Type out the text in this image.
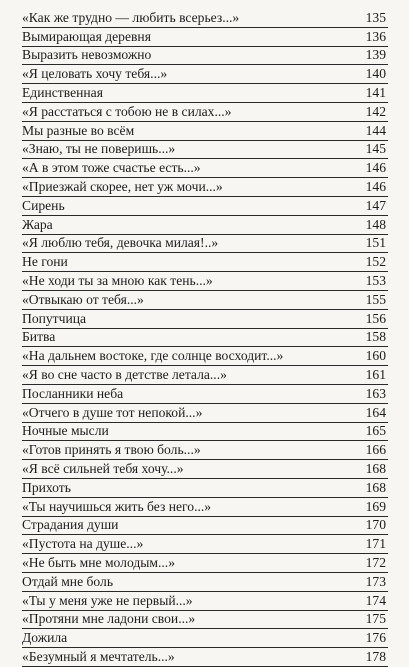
«Как же трудно — любить всерьез...»	135
Вымирающая деревня	136
Выразить невозможно	139
«Я целовать хочу тебя...»	140
Единственная	141
«Я расстаться с тобою не в силах...»	142
Мы разные во всём	144
«Знаю, ты не поверишь...»	145
«А в этом тоже счастье есть...»	146
«Приезжай скорее, нет уж мочи...»	146
Сирень	147
Жара	148
«Я люблю тебя, девочка милая!..»	151
Не гони	152
«Не ходи ты за мною как тень...»	153
«Отвыкаю от тебя...»	155
Попутчица	156
Битва	158
«На дальнем востоке, где солнце восходит...»	160
«Я во сне часто в детстве летала...»	161
Посланники неба	163
«Отчего в душе тот непокой...»	164
Ночные мысли	165
«Готов принять я твою боль...»	166
«Я всё сильней тебя хочу...»	168
Прихоть	168
«Ты научишься жить без него...»	169
Страдания души	170
«Пустота на душе...»	171
«Не быть мне молодым...»	172
Отдай мне боль	173
«Ты у меня уже не первый...»	174
«Протяни мне ладони свои...»	175
Дожила	176
«Безумный я мечтатель...»	178
